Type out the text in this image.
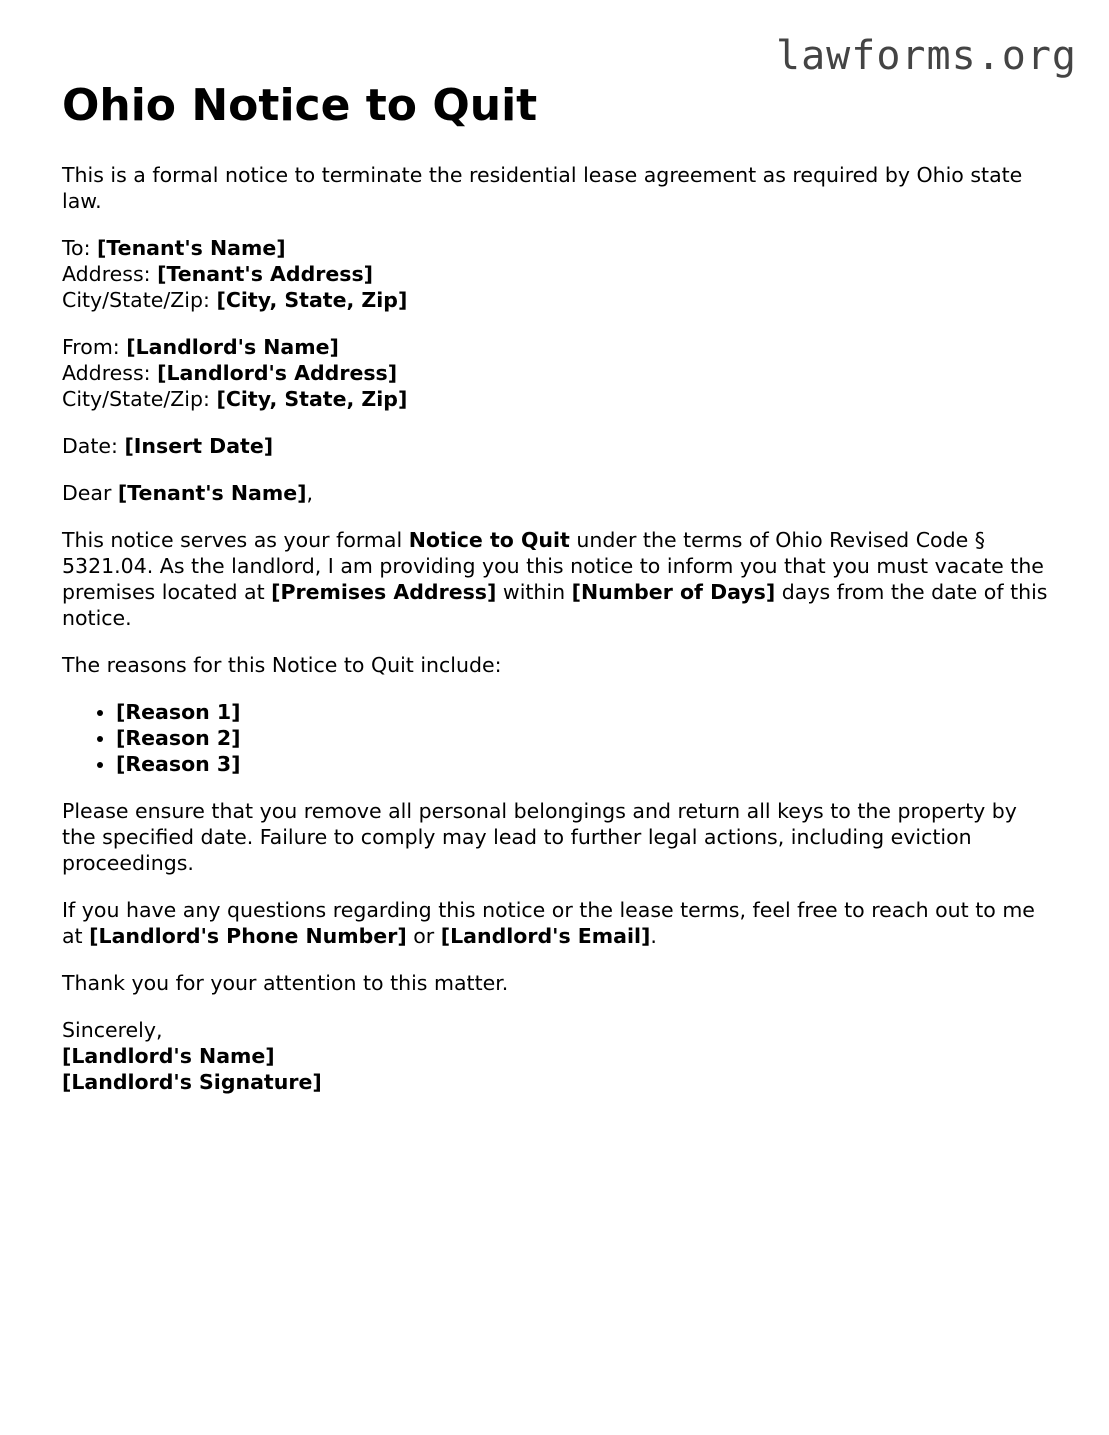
lawforms.org
Ohio Notice to Quit

This is a formal notice to terminate the residential lease agreement as required by Ohio state law.

To: [Tenant's Name]
Address: [Tenant's Address]
City/State/Zip: [City, State, Zip]

From: [Landlord's Name]
Address: [Landlord's Address]
City/State/Zip: [City, State, Zip]

Date: [Insert Date]

Dear [Tenant's Name],

This notice serves as your formal Notice to Quit under the terms of Ohio Revised Code § 5321.04. As the landlord, I am providing you this notice to inform you that you must vacate the premises located at [Premises Address] within [Number of Days] days from the date of this notice.

The reasons for this Notice to Quit include:

• [Reason 1]
• [Reason 2]
• [Reason 3]

Please ensure that you remove all personal belongings and return all keys to the property by the specified date. Failure to comply may lead to further legal actions, including eviction proceedings.

If you have any questions regarding this notice or the lease terms, feel free to reach out to me at [Landlord's Phone Number] or [Landlord's Email].

Thank you for your attention to this matter.

Sincerely,
[Landlord's Name]
[Landlord's Signature]
